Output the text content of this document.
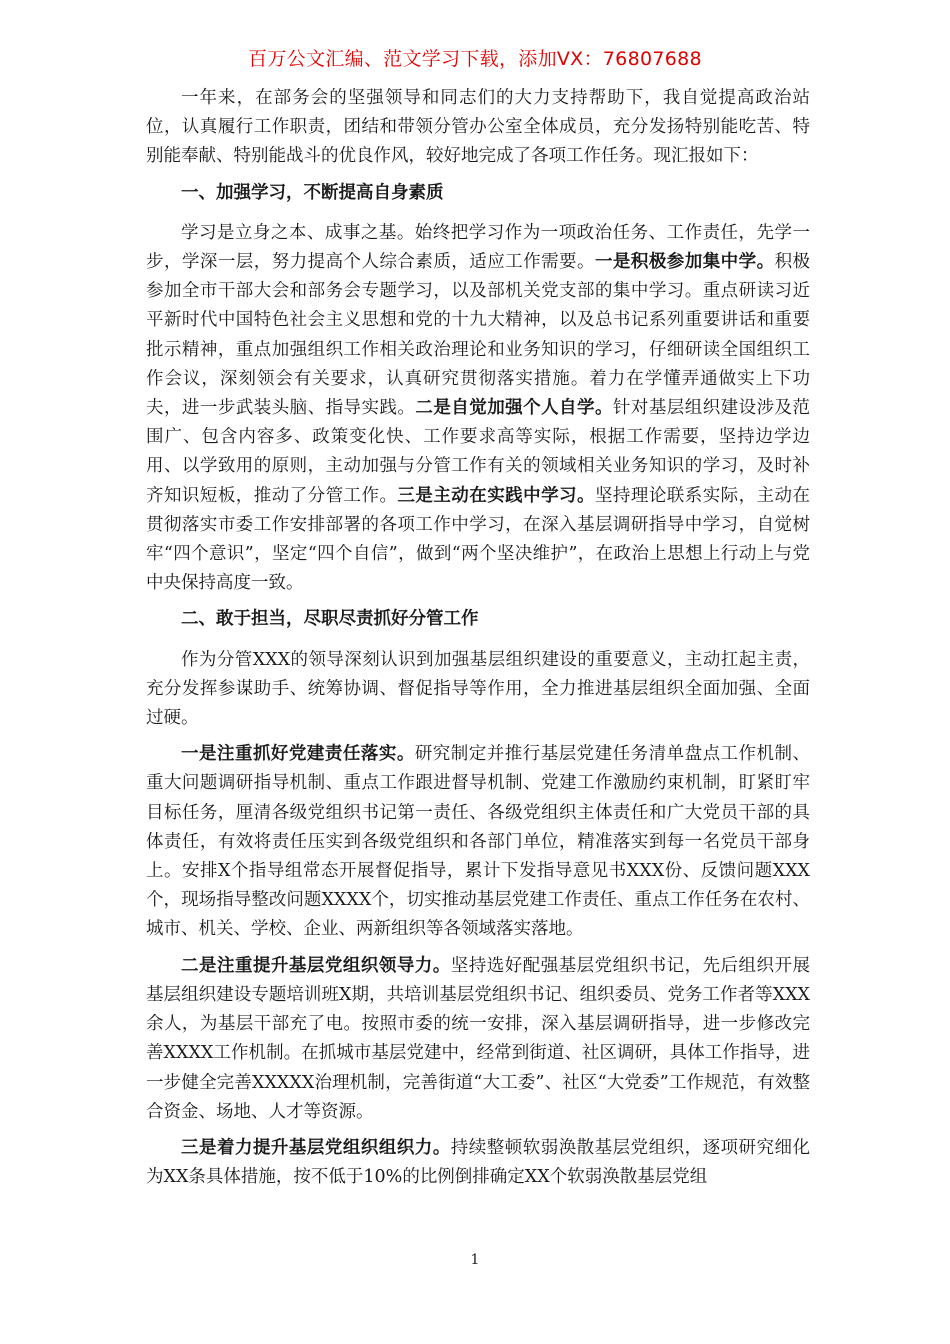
百万公文汇编、范文学习下载，添加VX：76807688

一年来，在部务会的坚强领导和同志们的大力支持帮助下，我自觉提高政治站位，认真履行工作职责，团结和带领分管办公室全体成员，充分发扬特别能吃苦、特别能奉献、特别能战斗的优良作风，较好地完成了各项工作任务。现汇报如下：

一、加强学习，不断提高自身素质

学习是立身之本、成事之基。始终把学习作为一项政治任务、工作责任，先学一步，学深一层，努力提高个人综合素质，适应工作需要。一是积极参加集中学。积极参加全市干部大会和部务会专题学习，以及部机关党支部的集中学习。重点研读习近平新时代中国特色社会主义思想和党的十九大精神，以及总书记系列重要讲话和重要批示精神，重点加强组织工作相关政治理论和业务知识的学习，仔细研读全国组织工作会议，深刻领会有关要求，认真研究贯彻落实措施。着力在学懂弄通做实上下功夫，进一步武装头脑、指导实践。二是自觉加强个人自学。针对基层组织建设涉及范围广、包含内容多、政策变化快、工作要求高等实际，根据工作需要，坚持边学边用、以学致用的原则，主动加强与分管工作有关的领域相关业务知识的学习，及时补齐知识短板，推动了分管工作。三是主动在实践中学习。坚持理论联系实际，主动在贯彻落实市委工作安排部署的各项工作中学习，在深入基层调研指导中学习，自觉树牢“四个意识”，坚定“四个自信”，做到“两个坚决维护”，在政治上思想上行动上与党中央保持高度一致。

二、敢于担当，尽职尽责抓好分管工作

作为分管XXX的领导深刻认识到加强基层组织建设的重要意义，主动扛起主责，充分发挥参谋助手、统筹协调、督促指导等作用，全力推进基层组织全面加强、全面过硬。

一是注重抓好党建责任落实。研究制定并推行基层党建任务清单盘点工作机制、重大问题调研指导机制、重点工作跟进督导机制、党建工作激励约束机制，盯紧盯牢目标任务，厘清各级党组织书记第一责任、各级党组织主体责任和广大党员干部的具体责任，有效将责任压实到各级党组织和各部门单位，精准落实到每一名党员干部身上。安排X个指导组常态开展督促指导，累计下发指导意见书XXX份、反馈问题XXX个，现场指导整改问题XXXX个，切实推动基层党建工作责任、重点工作任务在农村、城市、机关、学校、企业、两新组织等各领域落实落地。

二是注重提升基层党组织领导力。坚持选好配强基层党组织书记，先后组织开展基层组织建设专题培训班X期，共培训基层党组织书记、组织委员、党务工作者等XXX余人，为基层干部充了电。按照市委的统一安排，深入基层调研指导，进一步修改完善XXXX工作机制。在抓城市基层党建中，经常到街道、社区调研，具体工作指导，进一步健全完善XXXXX治理机制，完善街道“大工委”、社区“大党委”工作规范，有效整合资金、场地、人才等资源。

三是着力提升基层党组织组织力。持续整顿软弱涣散基层党组织，逐项研究细化为XX条具体措施，按不低于10%的比例倒排确定XX个软弱涣散基层党组

1
